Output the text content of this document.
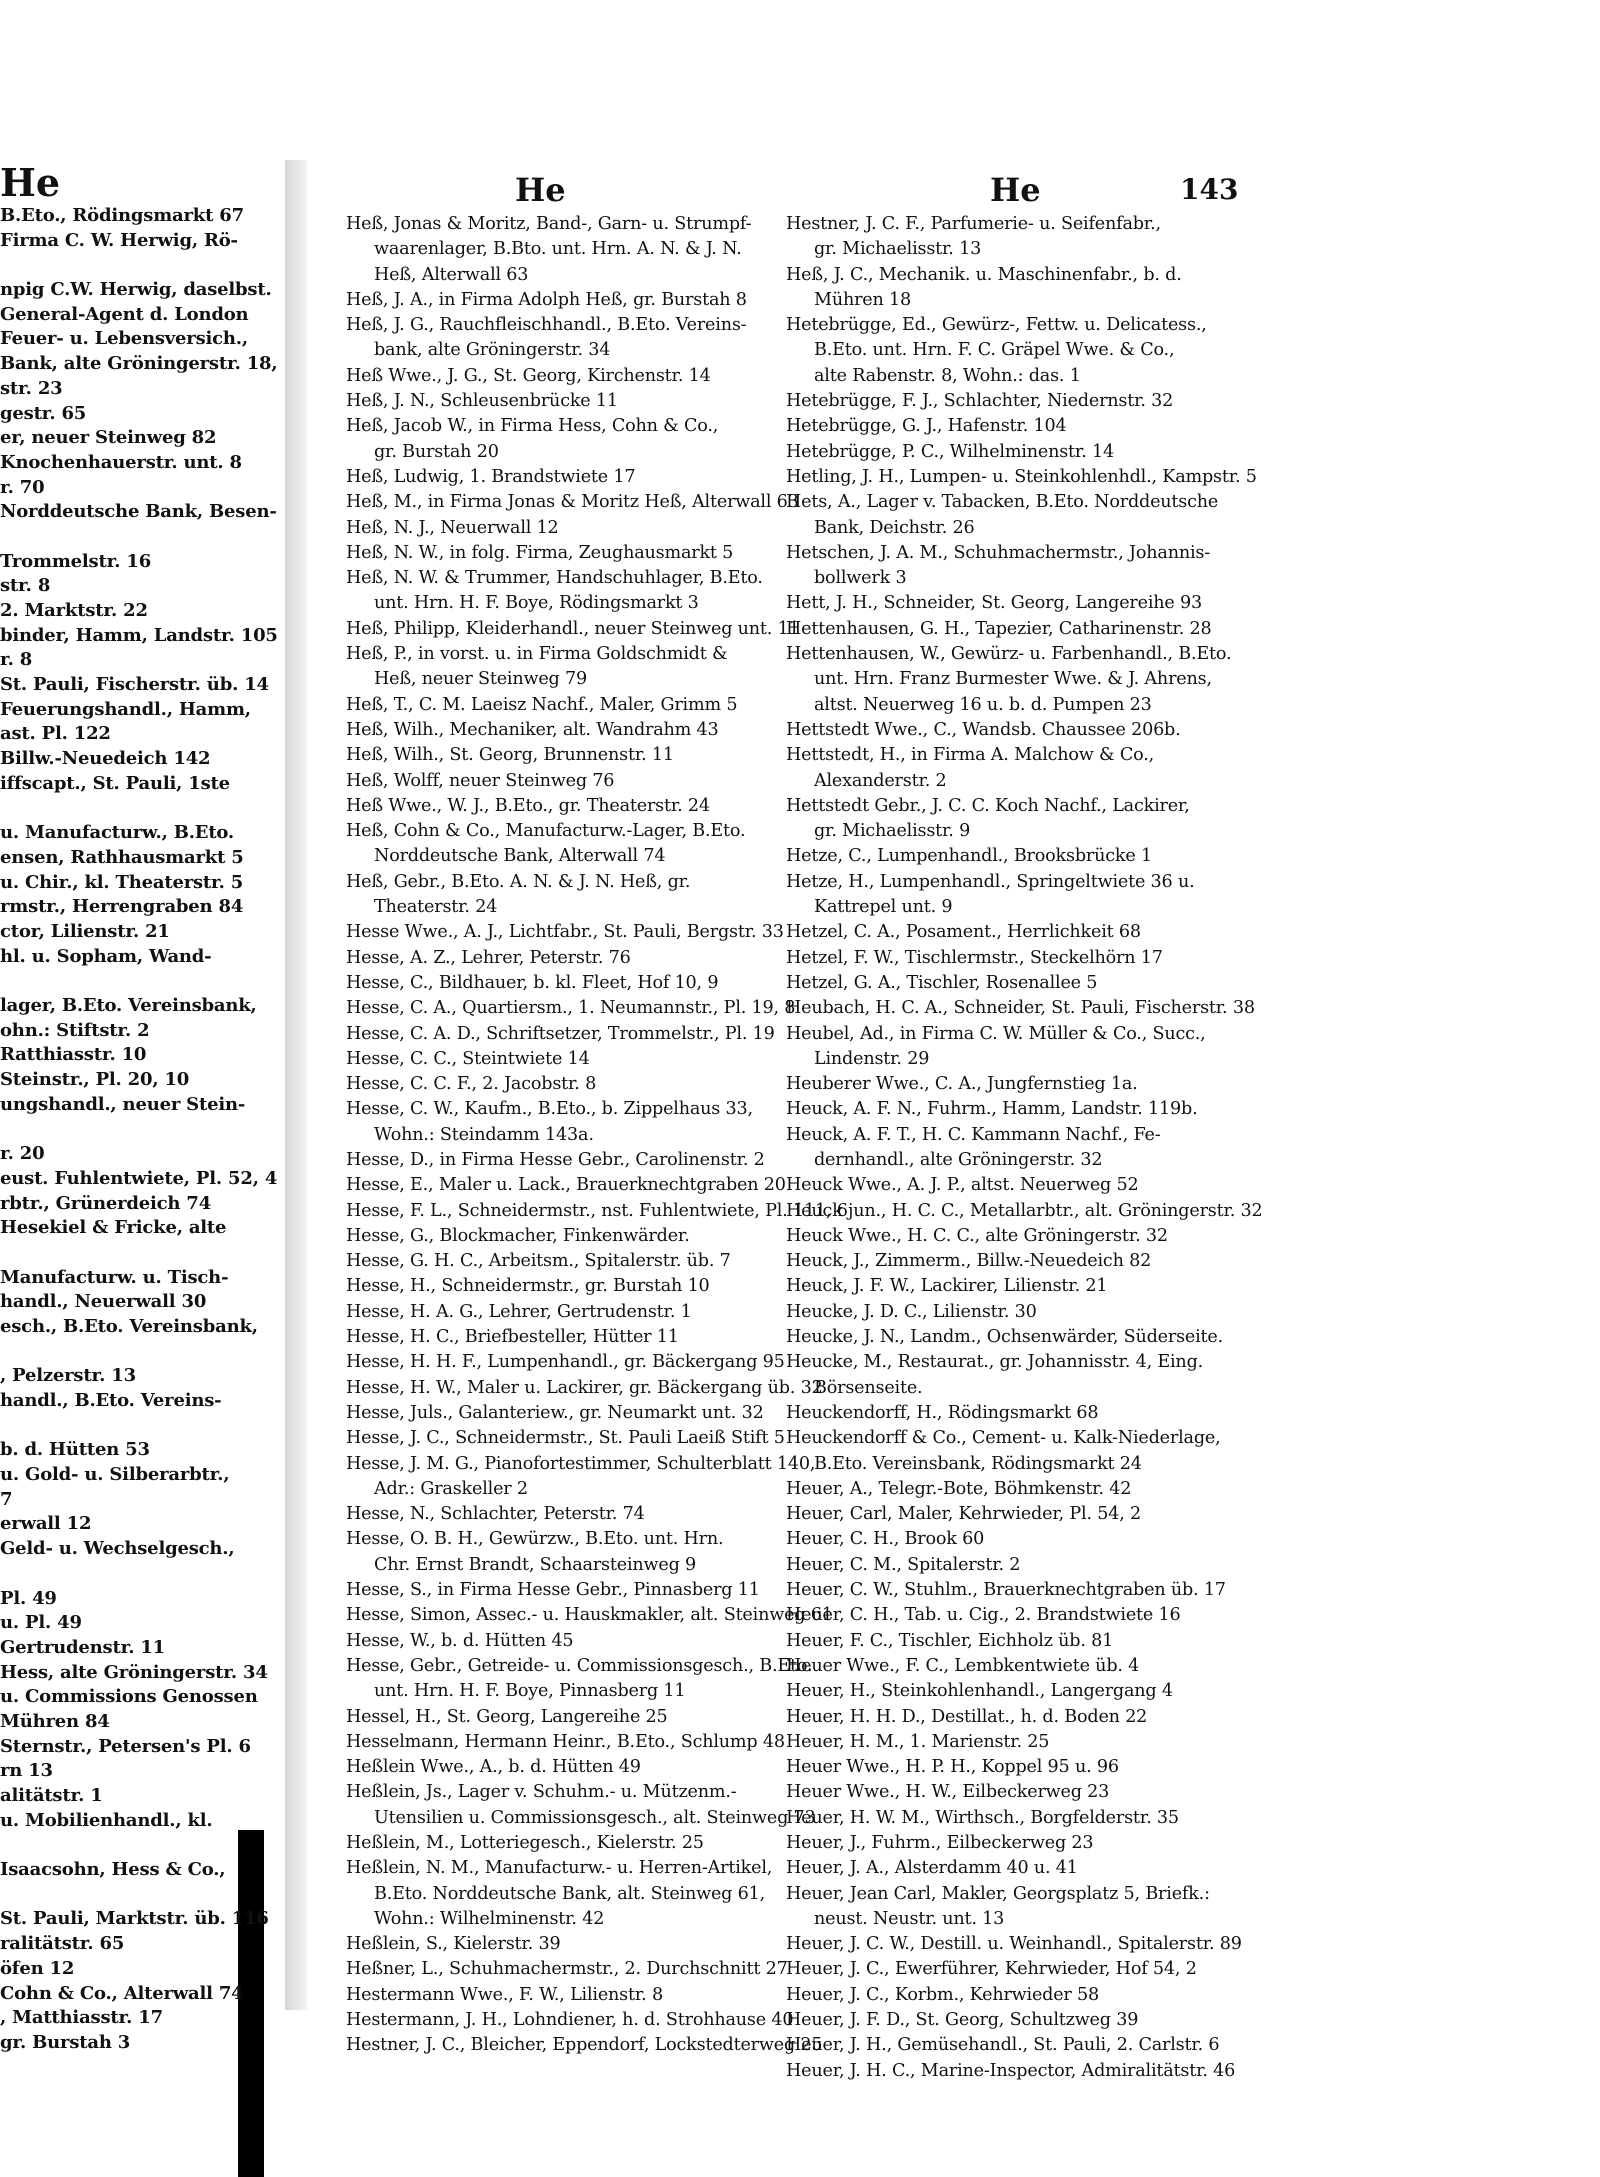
He
B.Eto., Rödingsmarkt 67
Firma C. W. Herwig, Rö-
npig C.W. Herwig, daselbst.
General-Agent d. London
Feuer- u. Lebensversich.,
Bank, alte Gröningerstr. 18,
str. 23
gestr. 65
er, neuer Steinweg 82
Knochenhauerstr. unt. 8
r. 70
Norddeutsche Bank, Besen-
Trommelstr. 16
str. 8
2. Marktstr. 22
binder, Hamm, Landstr. 105
r. 8
St. Pauli, Fischerstr. üb. 14
Feuerungshandl., Hamm,
ast. Pl. 122
Billw.-Neuedeich 142
iffscapt., St. Pauli, 1ste
u. Manufacturw., B.Eto.
ensen, Rathhausmarkt 5
u. Chir., kl. Theaterstr. 5
rmstr., Herrengraben 84
ctor, Lilienstr. 21
hl. u. Sopham, Wand-
lager, B.Eto. Vereinsbank,
ohn.: Stiftstr. 2
Ratthiasstr. 10
Steinstr., Pl. 20, 10
ungshandl., neuer Stein-
r. 20
eust. Fuhlentwiete, Pl. 52, 4
rbtr., Grünerdeich 74
Hesekiel & Fricke, alte
Manufacturw. u. Tisch-
handl., Neuerwall 30
esch., B.Eto. Vereinsbank,
, Pelzerstr. 13
handl., B.Eto. Vereins-
b. d. Hütten 53
u. Gold- u. Silberarbtr.,
7
erwall 12
Geld- u. Wechselgesch.,
Pl. 49
u. Pl. 49
Gertrudenstr. 11
Hess, alte Gröningerstr. 34
u. Commissions Genossen
Mühren 84
Sternstr., Petersen's Pl. 6
rn 13
alitätstr. 1
u. Mobilienhandl., kl.
Isaacsohn, Hess & Co.,
St. Pauli, Marktstr. üb. 116
ralitätstr. 65
öfen 12
Cohn & Co., Alterwall 74
, Matthiasstr. 17
gr. Burstah 3
He	He	143
Heß, Jonas & Moritz, Band-, Garn- u. Strumpf-
waarenlager, B.Bto. unt. Hrn. A. N. & J. N.
Heß, Alterwall 63
Heß, J. A., in Firma Adolph Heß, gr. Burstah 8
Heß, J. G., Rauchfleischhandl., B.Eto. Vereins-
bank, alte Gröningerstr. 34
Heß Wwe., J. G., St. Georg, Kirchenstr. 14
Heß, J. N., Schleusenbrücke 11
Heß, Jacob W., in Firma Hess, Cohn & Co.,
gr. Burstah 20
Heß, Ludwig, 1. Brandstwiete 17
Heß, M., in Firma Jonas & Moritz Heß, Alterwall 63
Heß, N. J., Neuerwall 12
Heß, N. W., in folg. Firma, Zeughausmarkt 5
Heß, N. W. & Trummer, Handschuhlager, B.Eto.
unt. Hrn. H. F. Boye, Rödingsmarkt 3
Heß, Philipp, Kleiderhandl., neuer Steinweg unt. 11
Heß, P., in vorst. u. in Firma Goldschmidt &
Heß, neuer Steinweg 79
Heß, T., C. M. Laeisz Nachf., Maler, Grimm 5
Heß, Wilh., Mechaniker, alt. Wandrahm 43
Heß, Wilh., St. Georg, Brunnenstr. 11
Heß, Wolff, neuer Steinweg 76
Heß Wwe., W. J., B.Eto., gr. Theaterstr. 24
Heß, Cohn & Co., Manufacturw.-Lager, B.Eto.
Norddeutsche Bank, Alterwall 74
Heß, Gebr., B.Eto. A. N. & J. N. Heß, gr.
Theaterstr. 24
Hesse Wwe., A. J., Lichtfabr., St. Pauli, Bergstr. 33
Hesse, A. Z., Lehrer, Peterstr. 76
Hesse, C., Bildhauer, b. kl. Fleet, Hof 10, 9
Hesse, C. A., Quartiersm., 1. Neumannstr., Pl. 19, 8
Hesse, C. A. D., Schriftsetzer, Trommelstr., Pl. 19
Hesse, C. C., Steintwiete 14
Hesse, C. C. F., 2. Jacobstr. 8
Hesse, C. W., Kaufm., B.Eto., b. Zippelhaus 33,
Wohn.: Steindamm 143a.
Hesse, D., in Firma Hesse Gebr., Carolinenstr. 2
Hesse, E., Maler u. Lack., Brauerknechtgraben 20
Hesse, F. L., Schneidermstr., nst. Fuhlentwiete, Pl. 111, 6
Hesse, G., Blockmacher, Finkenwärder.
Hesse, G. H. C., Arbeitsm., Spitalerstr. üb. 7
Hesse, H., Schneidermstr., gr. Burstah 10
Hesse, H. A. G., Lehrer, Gertrudenstr. 1
Hesse, H. C., Briefbesteller, Hütter 11
Hesse, H. H. F., Lumpenhandl., gr. Bäckergang 95
Hesse, H. W., Maler u. Lackirer, gr. Bäckergang üb. 32
Hesse, Juls., Galanteriew., gr. Neumarkt unt. 32
Hesse, J. C., Schneidermstr., St. Pauli Laeiß Stift 5
Hesse, J. M. G., Pianofortestimmer, Schulterblatt 140,
Adr.: Graskeller 2
Hesse, N., Schlachter, Peterstr. 74
Hesse, O. B. H., Gewürzw., B.Eto. unt. Hrn.
Chr. Ernst Brandt, Schaarsteinweg 9
Hesse, S., in Firma Hesse Gebr., Pinnasberg 11
Hesse, Simon, Assec.- u. Hauskmakler, alt. Steinweg 61
Hesse, W., b. d. Hütten 45
Hesse, Gebr., Getreide- u. Commissionsgesch., B.Eto.
unt. Hrn. H. F. Boye, Pinnasberg 11
Hessel, H., St. Georg, Langereihe 25
Hesselmann, Hermann Heinr., B.Eto., Schlump 48
Heßlein Wwe., A., b. d. Hütten 49
Heßlein, Js., Lager v. Schuhm.- u. Mützenm.-
Utensilien u. Commissionsgesch., alt. Steinweg 73
Heßlein, M., Lotteriegesch., Kielerstr. 25
Heßlein, N. M., Manufacturw.- u. Herren-Artikel,
B.Eto. Norddeutsche Bank, alt. Steinweg 61,
Wohn.: Wilhelminenstr. 42
Heßlein, S., Kielerstr. 39
Heßner, L., Schuhmachermstr., 2. Durchschnitt 27
Hestermann Wwe., F. W., Lilienstr. 8
Hestermann, J. H., Lohndiener, h. d. Strohhause 40
Hestner, J. C., Bleicher, Eppendorf, Lockstedterweg 25
Hestner, J. C. F., Parfumerie- u. Seifenfabr.,
gr. Michaelisstr. 13
Heß, J. C., Mechanik. u. Maschinenfabr., b. d.
Mühren 18
Hetebrügge, Ed., Gewürz-, Fettw. u. Delicatess.,
B.Eto. unt. Hrn. F. C. Gräpel Wwe. & Co.,
alte Rabenstr. 8, Wohn.: das. 1
Hetebrügge, F. J., Schlachter, Niedernstr. 32
Hetebrügge, G. J., Hafenstr. 104
Hetebrügge, P. C., Wilhelminenstr. 14
Hetling, J. H., Lumpen- u. Steinkohlenhdl., Kampstr. 5
Hets, A., Lager v. Tabacken, B.Eto. Norddeutsche
Bank, Deichstr. 26
Hetschen, J. A. M., Schuhmachermstr., Johannis-
bollwerk 3
Hett, J. H., Schneider, St. Georg, Langereihe 93
Hettenhausen, G. H., Tapezier, Catharinenstr. 28
Hettenhausen, W., Gewürz- u. Farbenhandl., B.Eto.
unt. Hrn. Franz Burmester Wwe. & J. Ahrens,
altst. Neuerweg 16 u. b. d. Pumpen 23
Hettstedt Wwe., C., Wandsb. Chaussee 206b.
Hettstedt, H., in Firma A. Malchow & Co.,
Alexanderstr. 2
Hettstedt Gebr., J. C. C. Koch Nachf., Lackirer,
gr. Michaelisstr. 9
Hetze, C., Lumpenhandl., Brooksbrücke 1
Hetze, H., Lumpenhandl., Springeltwiete 36 u.
Kattrepel unt. 9
Hetzel, C. A., Posament., Herrlichkeit 68
Hetzel, F. W., Tischlermstr., Steckelhörn 17
Hetzel, G. A., Tischler, Rosenallee 5
Heubach, H. C. A., Schneider, St. Pauli, Fischerstr. 38
Heubel, Ad., in Firma C. W. Müller & Co., Succ.,
Lindenstr. 29
Heuberer Wwe., C. A., Jungfernstieg 1a.
Heuck, A. F. N., Fuhrm., Hamm, Landstr. 119b.
Heuck, A. F. T., H. C. Kammann Nachf., Fe-
dernhandl., alte Gröningerstr. 32
Heuck Wwe., A. J. P., altst. Neuerweg 52
Heuck jun., H. C. C., Metallarbtr., alt. Gröningerstr. 32
Heuck Wwe., H. C. C., alte Gröningerstr. 32
Heuck, J., Zimmerm., Billw.-Neuedeich 82
Heuck, J. F. W., Lackirer, Lilienstr. 21
Heucke, J. D. C., Lilienstr. 30
Heucke, J. N., Landm., Ochsenwärder, Süderseite.
Heucke, M., Restaurat., gr. Johannisstr. 4, Eing.
Börsenseite.
Heuckendorff, H., Rödingsmarkt 68
Heuckendorff & Co., Cement- u. Kalk-Niederlage,
B.Eto. Vereinsbank, Rödingsmarkt 24
Heuer, A., Telegr.-Bote, Böhmkenstr. 42
Heuer, Carl, Maler, Kehrwieder, Pl. 54, 2
Heuer, C. H., Brook 60
Heuer, C. M., Spitalerstr. 2
Heuer, C. W., Stuhlm., Brauerknechtgraben üb. 17
Heuer, C. H., Tab. u. Cig., 2. Brandstwiete 16
Heuer, F. C., Tischler, Eichholz üb. 81
Heuer Wwe., F. C., Lembkentwiete üb. 4
Heuer, H., Steinkohlenhandl., Langergang 4
Heuer, H. H. D., Destillat., h. d. Boden 22
Heuer, H. M., 1. Marienstr. 25
Heuer Wwe., H. P. H., Koppel 95 u. 96
Heuer Wwe., H. W., Eilbeckerweg 23
Heuer, H. W. M., Wirthsch., Borgfelderstr. 35
Heuer, J., Fuhrm., Eilbeckerweg 23
Heuer, J. A., Alsterdamm 40 u. 41
Heuer, Jean Carl, Makler, Georgsplatz 5, Briefk.:
neust. Neustr. unt. 13
Heuer, J. C. W., Destill. u. Weinhandl., Spitalerstr. 89
Heuer, J. C., Ewerführer, Kehrwieder, Hof 54, 2
Heuer, J. C., Korbm., Kehrwieder 58
Heuer, J. F. D., St. Georg, Schultzweg 39
Heuer, J. H., Gemüsehandl., St. Pauli, 2. Carlstr. 6
Heuer, J. H. C., Marine-Inspector, Admiralitätstr. 46
